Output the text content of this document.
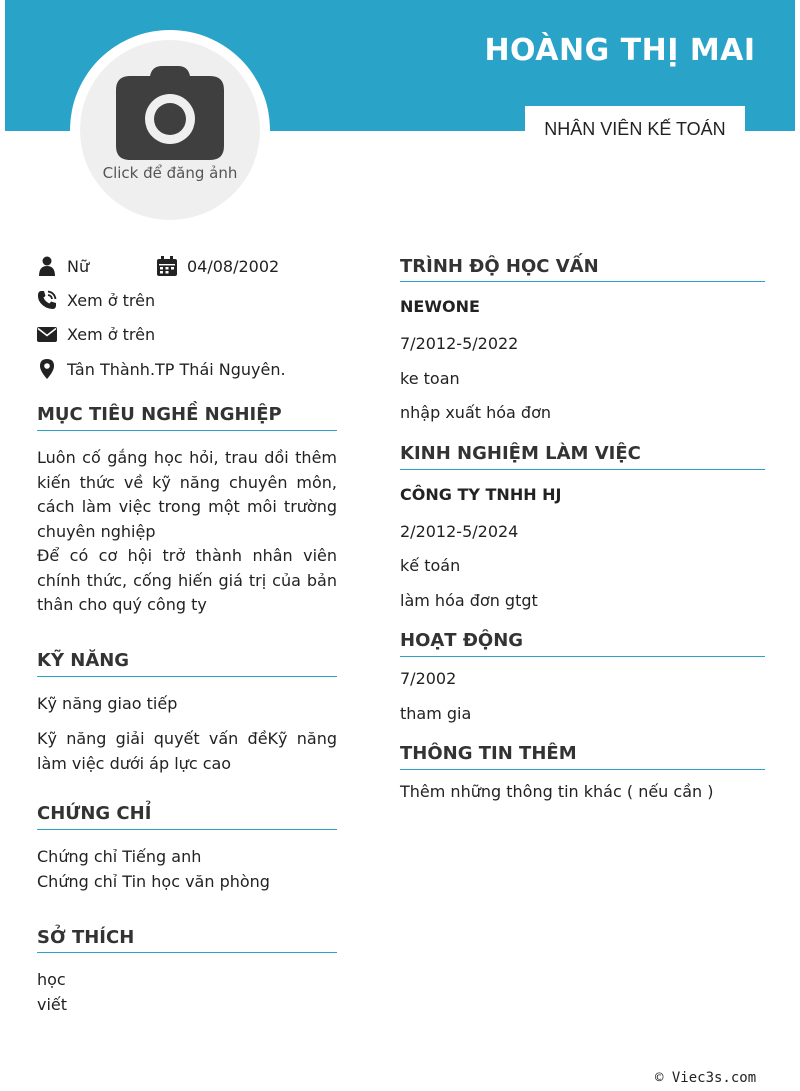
HOÀNG THỊ MAI
NHÂN VIÊN KẾ TOÁN
Click để đăng ảnh
Nữ	04/08/2002
Xem ở trên
Xem ở trên
Tân Thành.TP Thái Nguyên.
MỤC TIÊU NGHỀ NGHIỆP
Luôn cố gắng học hỏi, trau dồi thêm kiến thức về kỹ năng chuyên môn, cách làm việc trong một môi trường chuyên nghiệp
Để có cơ hội trở thành nhân viên chính thức, cống hiến giá trị của bản thân cho quý công ty
KỸ NĂNG
Kỹ năng giao tiếp
Kỹ năng giải quyết vấn đềKỹ năng làm việc dưới áp lực cao
CHỨNG CHỈ
Chứng chỉ Tiếng anh
Chứng chỉ Tin học văn phòng
SỞ THÍCH
học
viết
TRÌNH ĐỘ HỌC VẤN
NEWONE
7/2012-5/2022
ke toan
nhập xuất hóa đơn
KINH NGHIỆM LÀM VIỆC
CÔNG TY TNHH HJ
2/2012-5/2024
kế toán
làm hóa đơn gtgt
HOẠT ĐỘNG
7/2002
tham gia
THÔNG TIN THÊM
Thêm những thông tin khác ( nếu cần )
© Viec3s.com
